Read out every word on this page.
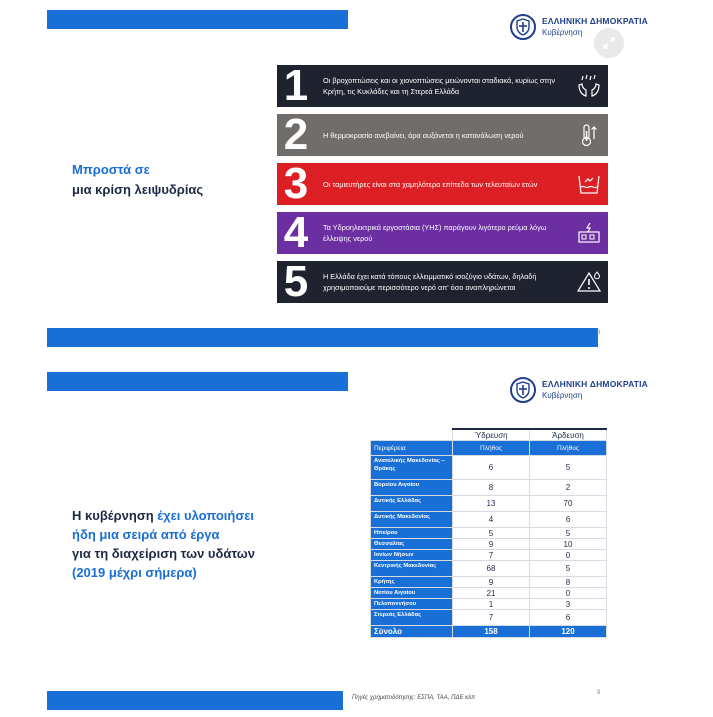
ΕΛΛΗΝΙΚΗ ΔΗΜΟΚΡΑΤΙΑ
Κυβέρνηση
Μπροστά σε
μια κρίση λειψυδρίας
1	Οι βροχοπτώσεις και οι χιονοπτώσεις μειώνονται σταδιακά, κυρίως στην Κρήτη, τις Κυκλάδες και τη Στερεά Ελλάδα
2	Η θερμοκρασία ανεβαίνει, άρα αυξάνεται η κατανάλωση νερού
3	Οι ταμιευτήρες είναι στα χαμηλότερα επίπεδα των τελευταίων ετών
4	Τα Υδροηλεκτρικά εργοστάσια (ΥΗΣ) παράγουν λιγότερο ρεύμα λόγω έλλειψης νερού
5	Η Ελλάδα έχει κατά τόπους ελλειμματικό ισοζύγιο υδάτων, δηλαδή χρησιμοποιούμε περισσότερο νερό απ' όσο αναπληρώνεται
8
ΕΛΛΗΝΙΚΗ ΔΗΜΟΚΡΑΤΙΑ
Κυβέρνηση
Η κυβέρνηση έχει υλοποιήσει
ήδη μια σειρά από έργα
για τη διαχείριση των υδάτων
(2019 μέχρι σήμερα)
	Ύδρευση	Άρδευση
Περιφέρεια	Πλήθος	Πλήθος
Ανατολικής Μακεδονίας – Θράκης	6	5
Βορείου Αιγαίου	8	2
Δυτικής Ελλάδας	13	70
Δυτικής Μακεδονίας	4	6
Ηπείρου	5	5
Θεσσαλίας	9	10
Ιονίων Νήσων	7	0
Κεντρικής Μακεδονίας	68	5
Κρήτης	9	8
Νοτίου Αιγαίου	21	0
Πελοποννήσου	1	3
Στερεάς Ελλάδας	7	6
Σύνολο	158	120
Πηγές χρηματοδότησης: ΕΣΠΑ, ΤΑΑ, ΠΔΕ κλπ
9
